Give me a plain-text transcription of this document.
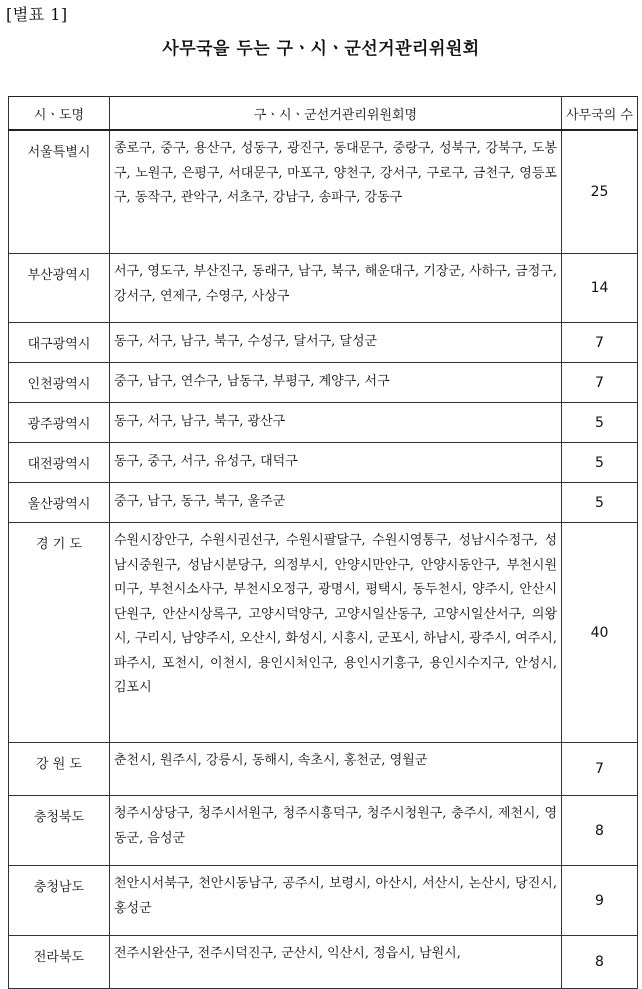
[별표 1]
사무국을 두는 구ㆍ시ㆍ군선거관리위원회
시ㆍ도명	구ㆍ시ㆍ군선거관리위원회명	사무국의 수
서울특별시	종로구, 중구, 용산구, 성동구, 광진구, 동대문구, 중랑구, 성북구, 강북구, 도봉구, 노원구, 은평구, 서대문구, 마포구, 양천구, 강서구, 구로구, 금천구, 영등포구, 동작구, 관악구, 서초구, 강남구, 송파구, 강동구	25
부산광역시	서구, 영도구, 부산진구, 동래구, 남구, 북구, 해운대구, 기장군, 사하구, 금정구, 강서구, 연제구, 수영구, 사상구	14
대구광역시	동구, 서구, 남구, 북구, 수성구, 달서구, 달성군	7
인천광역시	중구, 남구, 연수구, 남동구, 부평구, 계양구, 서구	7
광주광역시	동구, 서구, 남구, 북구, 광산구	5
대전광역시	동구, 중구, 서구, 유성구, 대덕구	5
울산광역시	중구, 남구, 동구, 북구, 울주군	5
경 기 도	수원시장안구, 수원시권선구, 수원시팔달구, 수원시영통구, 성남시수정구, 성남시중원구, 성남시분당구, 의정부시, 안양시만안구, 안양시동안구, 부천시원미구, 부천시소사구, 부천시오정구, 광명시, 평택시, 동두천시, 양주시, 안산시단원구, 안산시상록구, 고양시덕양구, 고양시일산동구, 고양시일산서구, 의왕시, 구리시, 남양주시, 오산시, 화성시, 시흥시, 군포시, 하남시, 광주시, 여주시, 파주시, 포천시, 이천시, 용인시처인구, 용인시기흥구, 용인시수지구, 안성시, 김포시	40
강 원 도	춘천시, 원주시, 강릉시, 동해시, 속초시, 홍천군, 영월군	7
충청북도	청주시상당구, 청주시서원구, 청주시흥덕구, 청주시청원구, 충주시, 제천시, 영동군, 음성군	8
충청남도	천안시서북구, 천안시동남구, 공주시, 보령시, 아산시, 서산시, 논산시, 당진시, 홍성군	9
전라북도	전주시완산구, 전주시덕진구, 군산시, 익산시, 정읍시, 남원시,	8
